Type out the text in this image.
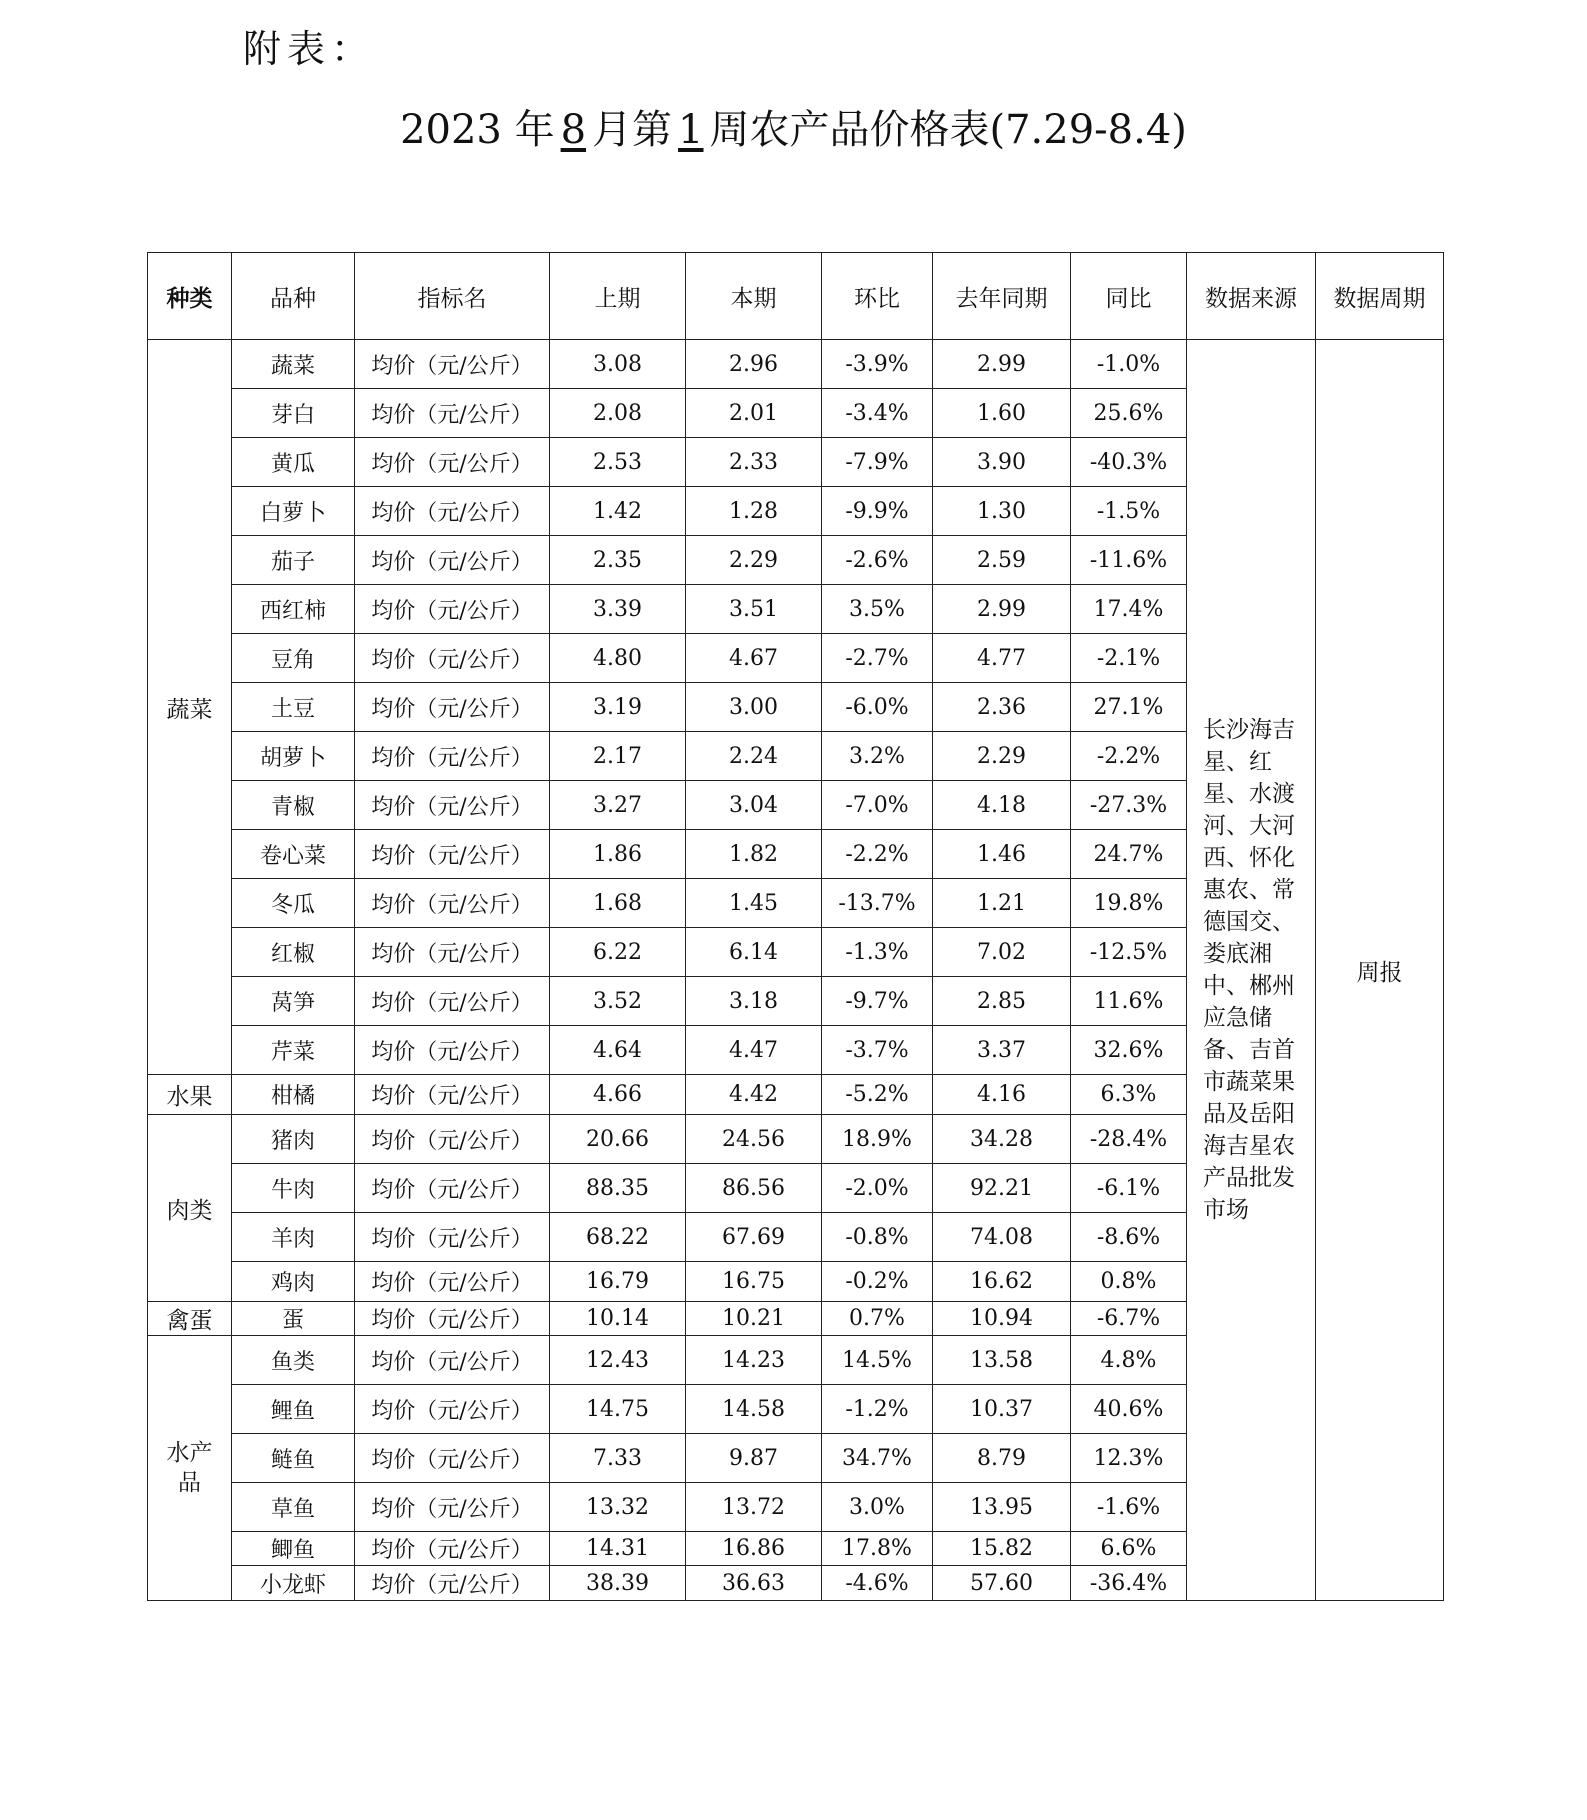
附表：
2023 年 8 月第 1 周农产品价格表(7.29-8.4)
种类	品种	指标名	上期	本期	环比	去年同期	同比	数据来源	数据周期
蔬菜	蔬菜	均价（元/公斤）	3.08	2.96	-3.9%	2.99	-1.0%	长沙海吉星、红星、水渡河、大河西、怀化惠农、常德国交、娄底湘中、郴州应急储备、吉首市蔬菜果品及岳阳海吉星农产品批发市场	周报
	芽白	均价（元/公斤）	2.08	2.01	-3.4%	1.60	25.6%		
	黄瓜	均价（元/公斤）	2.53	2.33	-7.9%	3.90	-40.3%		
	白萝卜	均价（元/公斤）	1.42	1.28	-9.9%	1.30	-1.5%		
	茄子	均价（元/公斤）	2.35	2.29	-2.6%	2.59	-11.6%		
	西红柿	均价（元/公斤）	3.39	3.51	3.5%	2.99	17.4%		
	豆角	均价（元/公斤）	4.80	4.67	-2.7%	4.77	-2.1%		
	土豆	均价（元/公斤）	3.19	3.00	-6.0%	2.36	27.1%		
	胡萝卜	均价（元/公斤）	2.17	2.24	3.2%	2.29	-2.2%		
	青椒	均价（元/公斤）	3.27	3.04	-7.0%	4.18	-27.3%		
	卷心菜	均价（元/公斤）	1.86	1.82	-2.2%	1.46	24.7%		
	冬瓜	均价（元/公斤）	1.68	1.45	-13.7%	1.21	19.8%		
	红椒	均价（元/公斤）	6.22	6.14	-1.3%	7.02	-12.5%		
	莴笋	均价（元/公斤）	3.52	3.18	-9.7%	2.85	11.6%		
	芹菜	均价（元/公斤）	4.64	4.47	-3.7%	3.37	32.6%		
水果	柑橘	均价（元/公斤）	4.66	4.42	-5.2%	4.16	6.3%		
肉类	猪肉	均价（元/公斤）	20.66	24.56	18.9%	34.28	-28.4%		
	牛肉	均价（元/公斤）	88.35	86.56	-2.0%	92.21	-6.1%		
	羊肉	均价（元/公斤）	68.22	67.69	-0.8%	74.08	-8.6%		
	鸡肉	均价（元/公斤）	16.79	16.75	-0.2%	16.62	0.8%		
禽蛋	蛋	均价（元/公斤）	10.14	10.21	0.7%	10.94	-6.7%		
水产品	鱼类	均价（元/公斤）	12.43	14.23	14.5%	13.58	4.8%		
	鲤鱼	均价（元/公斤）	14.75	14.58	-1.2%	10.37	40.6%		
	鲢鱼	均价（元/公斤）	7.33	9.87	34.7%	8.79	12.3%		
	草鱼	均价（元/公斤）	13.32	13.72	3.0%	13.95	-1.6%		
	鲫鱼	均价（元/公斤）	14.31	16.86	17.8%	15.82	6.6%		
	小龙虾	均价（元/公斤）	38.39	36.63	-4.6%	57.60	-36.4%		
